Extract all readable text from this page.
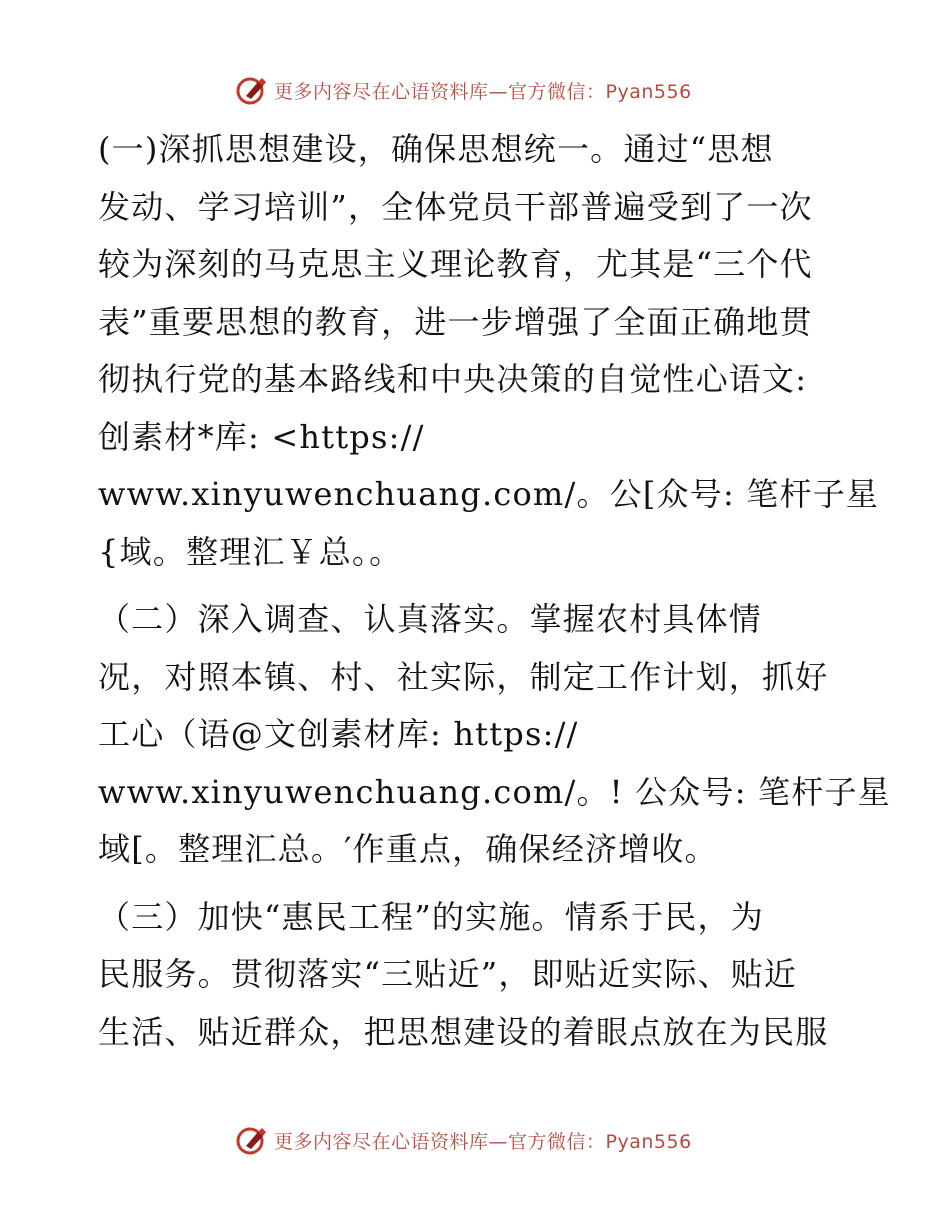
更多内容尽在心语资料库—官方微信：Pyan556
(一)深抓思想建设，确保思想统一。通过“思想
发动、学习培训”，全体党员干部普遍受到了一次
较为深刻的马克思主义理论教育，尤其是“三个代
表”重要思想的教育，进一步增强了全面正确地贯
彻执行党的基本路线和中央决策的自觉性心语文:
创素材*库: <https://
www.xinyuwenchuang.com/。公[众号: 笔杆子星
{域。整理汇￥总。。
（二）深入调查、认真落实。掌握农村具体情
况，对照本镇、村、社实际，制定工作计划，抓好
工心（语@文创素材库: https://
www.xinyuwenchuang.com/。! 公众号: 笔杆子星
域[。整理汇总。′作重点，确保经济增收。
（三）加快“惠民工程”的实施。情系于民，为
民服务。贯彻落实“三贴近”，即贴近实际、贴近
生活、贴近群众，把思想建设的着眼点放在为民服
更多内容尽在心语资料库—官方微信：Pyan556
